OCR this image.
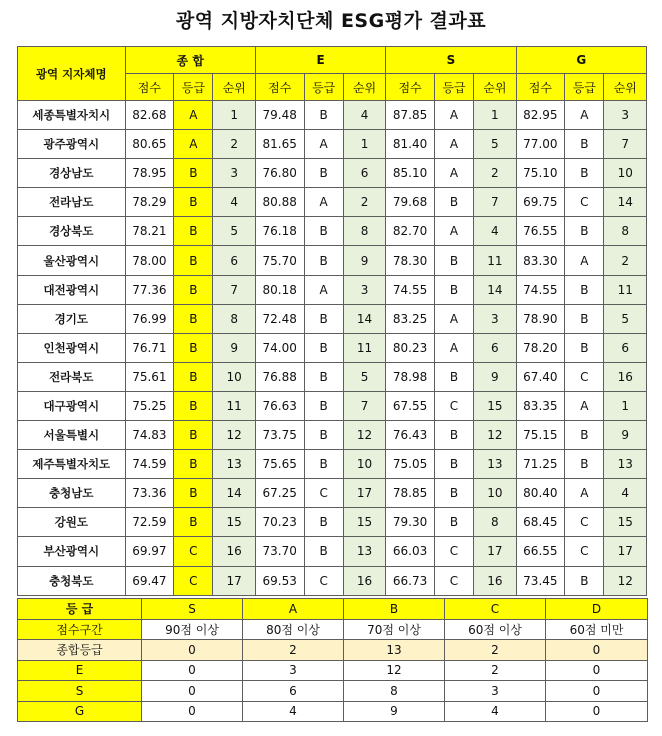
광역 지방자치단체 ESG평가 결과표
광역 지자체명	종 합			E			S			G		
	점수	등급	순위	점수	등급	순위	점수	등급	순위	점수	등급	순위
세종특별자치시	82.68	A	1	79.48	B	4	87.85	A	1	82.95	A	3
광주광역시	80.65	A	2	81.65	A	1	81.40	A	5	77.00	B	7
경상남도	78.95	B	3	76.80	B	6	85.10	A	2	75.10	B	10
전라남도	78.29	B	4	80.88	A	2	79.68	B	7	69.75	C	14
경상북도	78.21	B	5	76.18	B	8	82.70	A	4	76.55	B	8
울산광역시	78.00	B	6	75.70	B	9	78.30	B	11	83.30	A	2
대전광역시	77.36	B	7	80.18	A	3	74.55	B	14	74.55	B	11
경기도	76.99	B	8	72.48	B	14	83.25	A	3	78.90	B	5
인천광역시	76.71	B	9	74.00	B	11	80.23	A	6	78.20	B	6
전라북도	75.61	B	10	76.88	B	5	78.98	B	9	67.40	C	16
대구광역시	75.25	B	11	76.63	B	7	67.55	C	15	83.35	A	1
서울특별시	74.83	B	12	73.75	B	12	76.43	B	12	75.15	B	9
제주특별자치도	74.59	B	13	75.65	B	10	75.05	B	13	71.25	B	13
충청남도	73.36	B	14	67.25	C	17	78.85	B	10	80.40	A	4
강원도	72.59	B	15	70.23	B	15	79.30	B	8	68.45	C	15
부산광역시	69.97	C	16	73.70	B	13	66.03	C	17	66.55	C	17
충청북도	69.47	C	17	69.53	C	16	66.73	C	16	73.45	B	12
등 급	S	A	B	C	D
점수구간	90점 이상	80점 이상	70점 이상	60점 이상	60점 미만
종합등급	0	2	13	2	0
E	0	3	12	2	0
S	0	6	8	3	0
G	0	4	9	4	0
